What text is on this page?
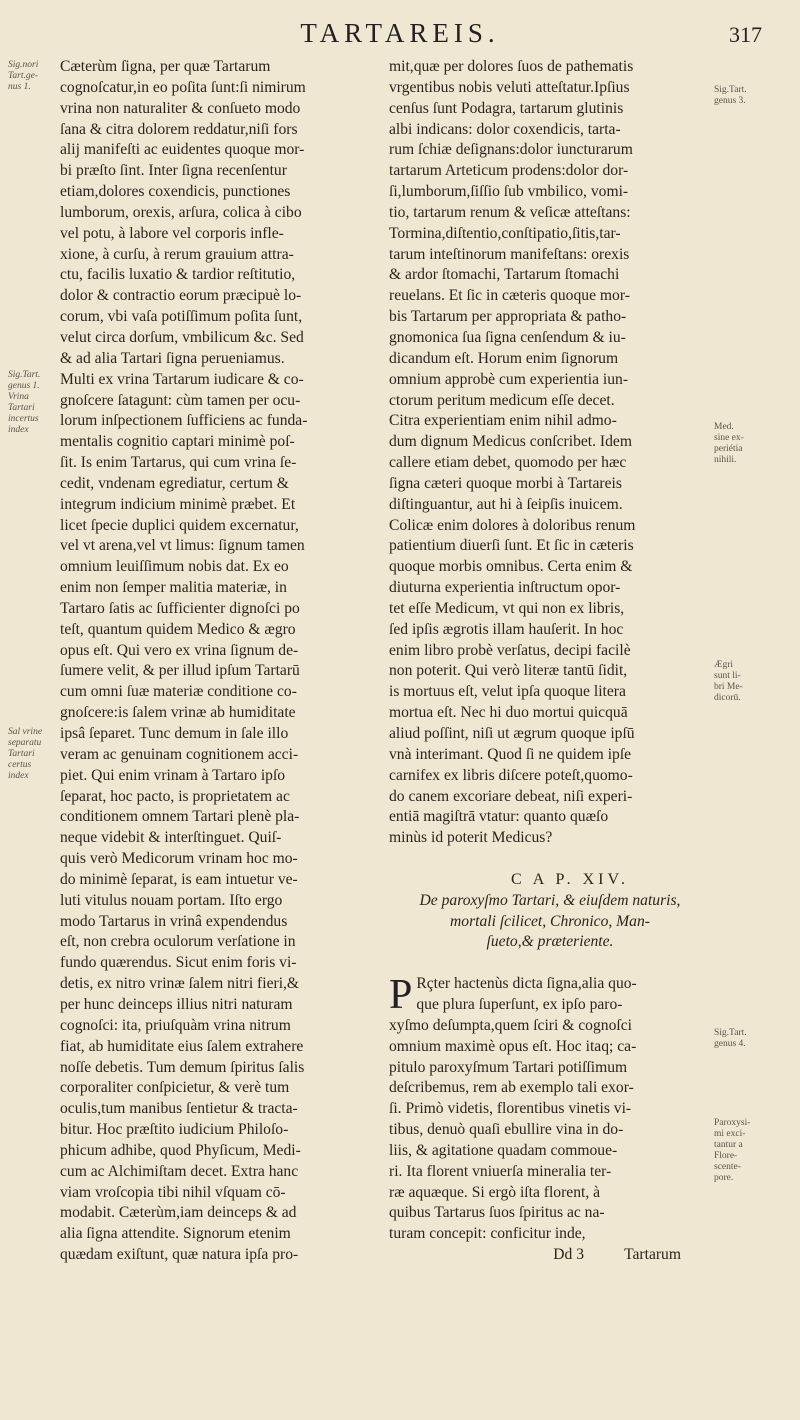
TARTAREIS.	317
Sig.nori
Tart.ge-
nus 1.
Sig.Tart.
genus 1.
Vrina
Tartari
incertus
index
Sal vrine
separatu
Tartari
certus
index
Sig.Tart.
genus 3.
Med.
sine ex-
periétia
nihili.
Ægri
sunt li-
bri Me-
dicorū.
Sig.Tart.
genus 4.
Paroxysi-
mi exci-
tantur a
Flore-
scente-
pore.
Cæterùm ſigna, per quæ Tartarum
cognoſcatur,in eo poſita ſunt:ſi nimirum
vrina non naturaliter & conſueto modo
ſana & citra dolorem reddatur,niſi fors
alij manifeſti ac euidentes quoque mor-
bi præſto ſint. Inter ſigna recenſentur
etiam,dolores coxendicis, punctiones
lumborum, orexis, arſura, colica à cibo
vel potu, à labore vel corporis infle-
xione, à curſu, à rerum grauium attra-
ctu, facilis luxatio & tardior reſtitutio,
dolor & contractio eorum præcipuè lo-
corum, vbi vaſa potiſſimum poſita ſunt,
velut circa dorſum, vmbilicum &c. Sed
& ad alia Tartari ſigna perueniamus.
Multi ex vrina Tartarum iudicare & co-
gnoſcere ſatagunt: cùm tamen per ocu-
lorum inſpectionem ſufficiens ac funda-
mentalis cognitio captari minimè poſ-
ſit. Is enim Tartarus, qui cum vrina ſe-
cedit, vndenam egrediatur, certum &
integrum indicium minimè præbet. Et
licet ſpecie duplici quidem excernatur,
vel vt arena,vel vt limus: ſignum tamen
omnium leuiſſimum nobis dat. Ex eo
enim non ſemper malitia materiæ, in
Tartaro ſatis ac ſufficienter dignoſci po
teſt, quantum quidem Medico & ægro
opus eſt. Qui vero ex vrina ſignum de-
ſumere velit, & per illud ipſum Tartarū
cum omni ſuæ materiæ conditione co-
gnoſcere:is ſalem vrinæ ab humiditate
ipsâ ſeparet. Tunc demum in ſale illo
veram ac genuinam cognitionem acci-
piet. Qui enim vrinam à Tartaro ipſo
ſeparat, hoc pacto, is proprietatem ac
conditionem omnem Tartari plenè pla-
neque videbit & interſtinguet. Quiſ-
quis verò Medicorum vrinam hoc mo-
do minimè ſeparat, is eam intuetur ve-
luti vitulus nouam portam. Iſto ergo
modo Tartarus in vrinâ expendendus
eſt, non crebra oculorum verſatione in
fundo quærendus. Sicut enim foris vi-
detis, ex nitro vrinæ ſalem nitri fieri,&
per hunc deinceps illius nitri naturam
cognoſci: ita, priuſquàm vrina nitrum
fiat, ab humiditate eius ſalem extrahere
noſſe debetis. Tum demum ſpiritus ſalis
corporaliter conſpicietur, & verè tum
oculis,tum manibus ſentietur & tracta-
bitur. Hoc præſtito iudicium Philoſo-
phicum adhibe, quod Phyſicum, Medi-
cum ac Alchimiſtam decet. Extra hanc
viam vroſcopia tibi nihil vſquam cō-
modabit. Cæterùm,iam deinceps & ad
alia ſigna attendite. Signorum etenim
quædam exiſtunt, quæ natura ipſa pro-
mit,quæ per dolores ſuos de pathematis
vrgentibus nobis veluti atteſtatur.Ipſius
cenſus ſunt Podagra, tartarum glutinis
albi indicans: dolor coxendicis, tarta-
rum ſchiæ deſignans:dolor iuncturarum
tartarum Arteticum prodens:dolor dor-
ſi,lumborum,ſiſſio ſub vmbilico, vomi-
tio, tartarum renum & veſicæ atteſtans:
Tormina,diſtentio,conſtipatio,ſitis,tar-
tarum inteſtinorum manifeſtans: orexis
& ardor ſtomachi, Tartarum ſtomachi
reuelans. Et ſic in cæteris quoque mor-
bis Tartarum per appropriata & patho-
gnomonica ſua ſigna cenſendum & iu-
dicandum eſt. Horum enim ſignorum
omnium approbè cum experientia iun-
ctorum peritum medicum eſſe decet.
Citra experientiam enim nihil admo-
dum dignum Medicus conſcribet. Idem
callere etiam debet, quomodo per hæc
ſigna cæteri quoque morbi à Tartareis
diſtinguantur, aut hi à ſeipſis inuicem.
Colicæ enim dolores à doloribus renum
patientium diuerſi ſunt. Et ſic in cæteris
quoque morbis omnibus. Certa enim &
diuturna experientia inſtructum opor-
tet eſſe Medicum, vt qui non ex libris,
ſed ipſis ægrotis illam hauſerit. In hoc
enim libro probè verſatus, decipi facilè
non poterit. Qui verò literæ tantū ſidit,
is mortuus eſt, velut ipſa quoque litera
mortua eſt. Nec hi duo mortui quicquā
aliud poſſint, niſi ut ægrum quoque ipſū
vnà interimant. Quod ſi ne quidem ipſe
carnifex ex libris diſcere poteſt,quomo-
do canem excoriare debeat, niſi experi-
entiā magiſtrā vtatur: quanto quæſo
minùs id poterit Medicus?
C A P. XIV.
De paroxyſmo Tartari, & eiuſdem naturis,
mortali ſcilicet, Chronico, Man-
ſueto,& præteriente.
P Rçter hactenùs dicta ſigna,alia quo-
que plura ſuperſunt, ex ipſo paro-
xyſmo deſumpta,quem ſciri & cognoſci
omnium maximè opus eſt. Hoc itaq; ca-
pitulo paroxyſmum Tartari potiſſimum
deſcribemus, rem ab exemplo tali exor-
ſi. Primò videtis, florentibus vinetis vi-
tibus, denuò quaſi ebullire vina in do-
liis, & agitatione quadam commoue-
ri. Ita florent vniuerſa mineralia ter-
ræ aquæque. Si ergò iſta florent, à
quibus Tartarus ſuos ſpiritus ac na-
turam concepit: conficitur inde,
Dd 3	Tartarum
